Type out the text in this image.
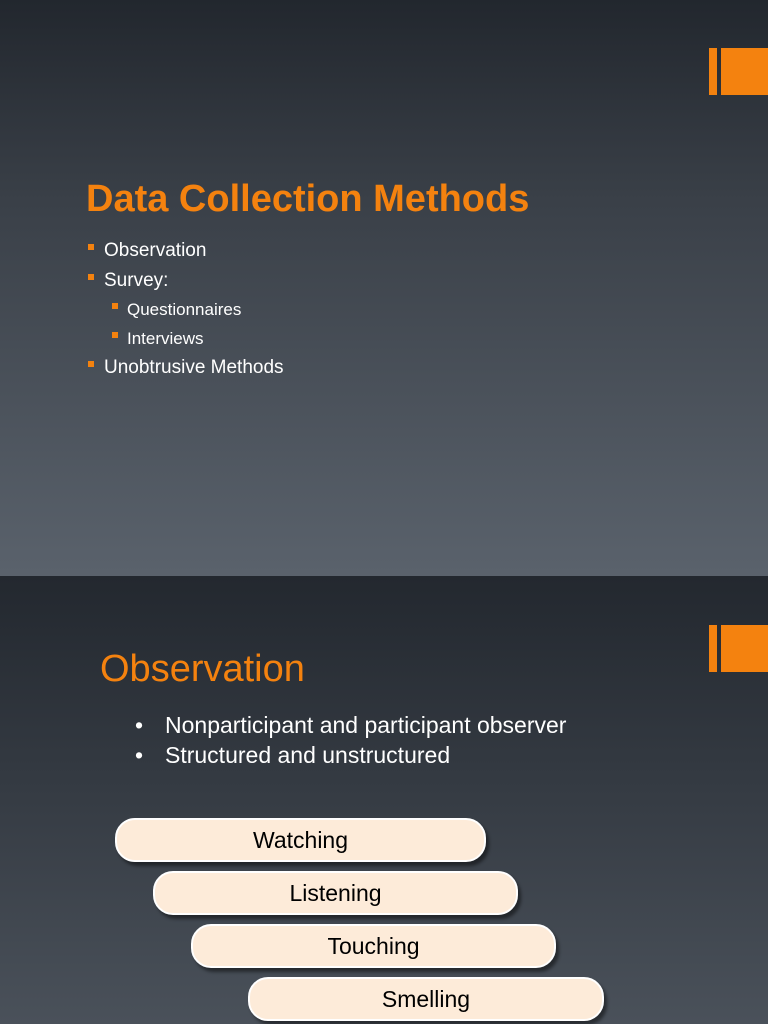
Data Collection Methods
Observation
Survey:
Questionnaires
Interviews
Unobtrusive Methods
Observation
• Nonparticipant and participant observer
• Structured and unstructured
Watching
Listening
Touching
Smelling
